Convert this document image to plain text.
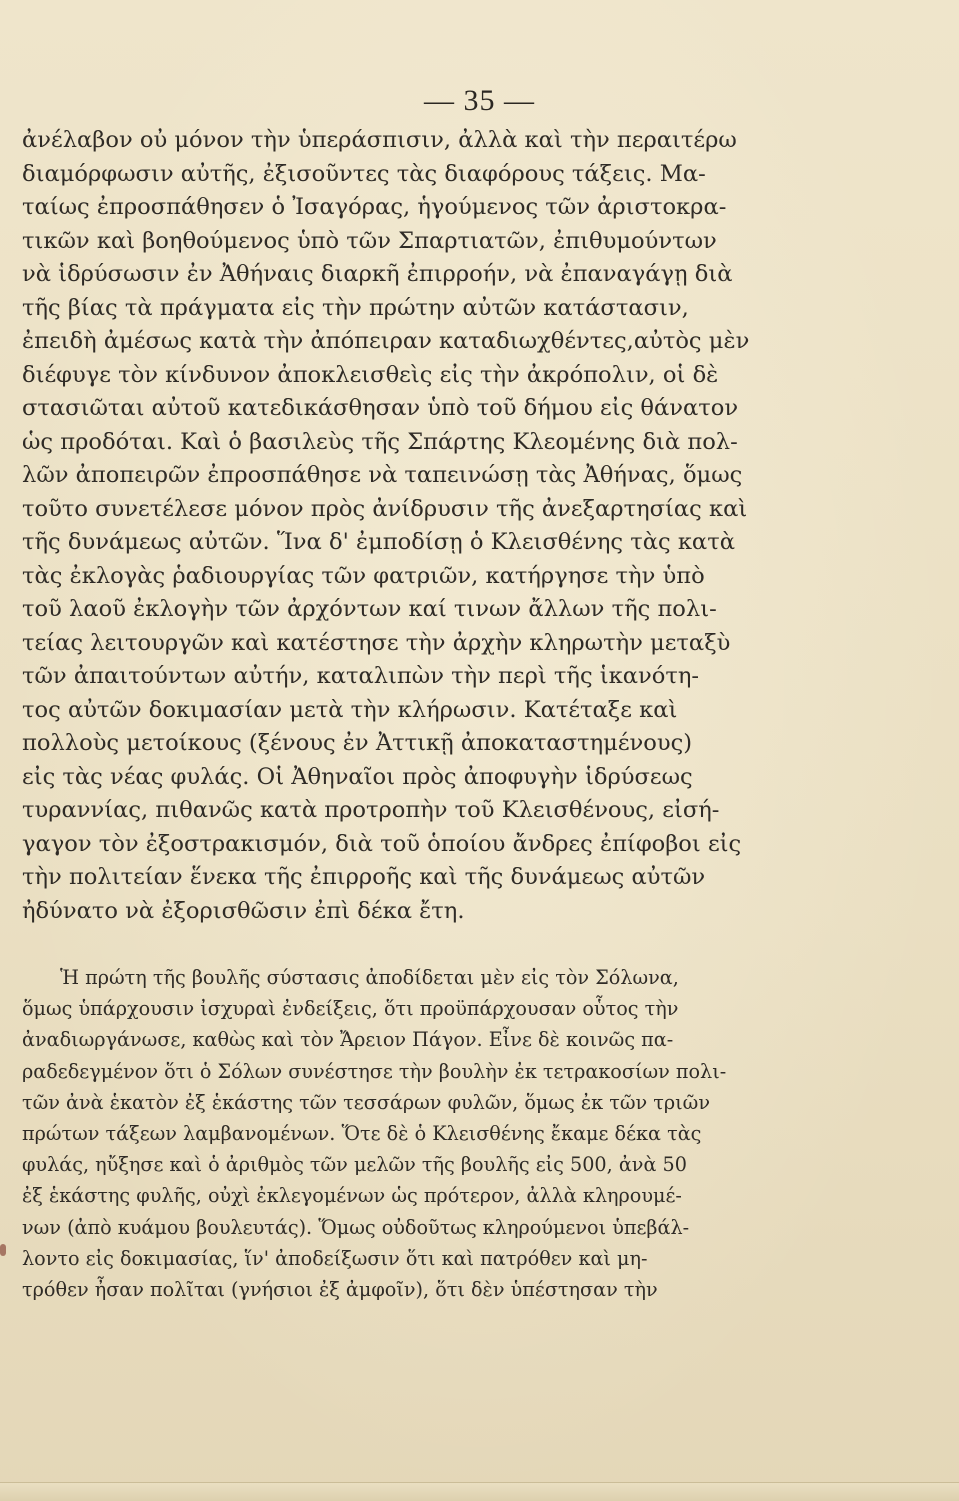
— 35 —
ἀνέλαβον οὐ μόνον τὴν ὑπεράσπισιν, ἀλλὰ καὶ τὴν περαιτέρω
διαμόρφωσιν αὐτῆς, ἐξισοῦντες τὰς διαφόρους τάξεις. Μα-
ταίως ἐπροσπάθησεν ὁ Ἰσαγόρας, ἡγούμενος τῶν ἀριστοκρα-
τικῶν καὶ βοηθούμενος ὑπὸ τῶν Σπαρτιατῶν, ἐπιθυμούντων
νὰ ἱδρύσωσιν ἐν Ἀθήναις διαρκῆ ἐπιρροήν, νὰ ἐπαναγάγῃ διὰ
τῆς βίας τὰ πράγματα εἰς τὴν πρώτην αὐτῶν κατάστασιν,
ἐπειδὴ ἀμέσως κατὰ τὴν ἀπόπειραν καταδιωχθέντες,αὐτὸς μὲν
διέφυγε τὸν κίνδυνον ἀποκλεισθεὶς εἰς τὴν ἀκρόπολιν, οἱ δὲ
στασιῶται αὐτοῦ κατεδικάσθησαν ὑπὸ τοῦ δήμου εἰς θάνατον
ὡς προδόται. Καὶ ὁ βασιλεὺς τῆς Σπάρτης Κλεομένης διὰ πολ-
λῶν ἀποπειρῶν ἐπροσπάθησε νὰ ταπεινώσῃ τὰς Ἀθήνας, ὅμως
τοῦτο συνετέλεσε μόνον πρὸς ἀνίδρυσιν τῆς ἀνεξαρτησίας καὶ
τῆς δυνάμεως αὐτῶν. Ἵνα δ' ἐμποδίσῃ ὁ Κλεισθένης τὰς κατὰ
τὰς ἐκλογὰς ῥαδιουργίας τῶν φατριῶν, κατήργησε τὴν ὑπὸ
τοῦ λαοῦ ἐκλογὴν τῶν ἀρχόντων καί τινων ἄλλων τῆς πολι-
τείας λειτουργῶν καὶ κατέστησε τὴν ἀρχὴν κληρωτὴν μεταξὺ
τῶν ἀπαιτούντων αὐτήν, καταλιπὼν τὴν περὶ τῆς ἱκανότη-
τος αὐτῶν δοκιμασίαν μετὰ τὴν κλήρωσιν. Κατέταξε καὶ
πολλοὺς μετοίκους (ξένους ἐν Ἀττικῇ ἀποκαταστημένους)
εἰς τὰς νέας φυλάς. Οἱ Ἀθηναῖοι πρὸς ἀποφυγὴν ἱδρύσεως
τυραννίας, πιθανῶς κατὰ προτροπὴν τοῦ Κλεισθένους, εἰσή-
γαγον τὸν ἐξοστρακισμόν, διὰ τοῦ ὁποίου ἄνδρες ἐπίφοβοι εἰς
τὴν πολιτείαν ἕνεκα τῆς ἐπιρροῆς καὶ τῆς δυνάμεως αὐτῶν
ἠδύνατο νὰ ἐξορισθῶσιν ἐπὶ δέκα ἔτη.
Ἡ πρώτη τῆς βουλῆς σύστασις ἀποδίδεται μὲν εἰς τὸν Σόλωνα,
ὅμως ὑπάρχουσιν ἰσχυραὶ ἐνδείξεις, ὅτι προϋπάρχουσαν οὗτος τὴν
ἀναδιωργάνωσε, καθὼς καὶ τὸν Ἄρειον Πάγον. Εἶνε δὲ κοινῶς πα-
ραδεδεγμένον ὅτι ὁ Σόλων συνέστησε τὴν βουλὴν ἐκ τετρακοσίων πολι-
τῶν ἀνὰ ἑκατὸν ἐξ ἑκάστης τῶν τεσσάρων φυλῶν, ὅμως ἐκ τῶν τριῶν
πρώτων τάξεων λαμβανομένων. Ὅτε δὲ ὁ Κλεισθένης ἔκαμε δέκα τὰς
φυλάς, ηὔξησε καὶ ὁ ἀριθμὸς τῶν μελῶν τῆς βουλῆς εἰς 500, ἀνὰ 50
ἐξ ἑκάστης φυλῆς, οὐχὶ ἐκλεγομένων ὡς πρότερον, ἀλλὰ κληρουμέ-
νων (ἀπὸ κυάμου βουλευτάς). Ὅμως οὐδοῦτως κληρούμενοι ὑπεβάλ-
λοντο εἰς δοκιμασίας, ἵν' ἀποδείξωσιν ὅτι καὶ πατρόθεν καὶ μη-
τρόθεν ἦσαν πολῖται (γνήσιοι ἐξ ἀμφοῖν), ὅτι δὲν ὑπέστησαν τὴν
